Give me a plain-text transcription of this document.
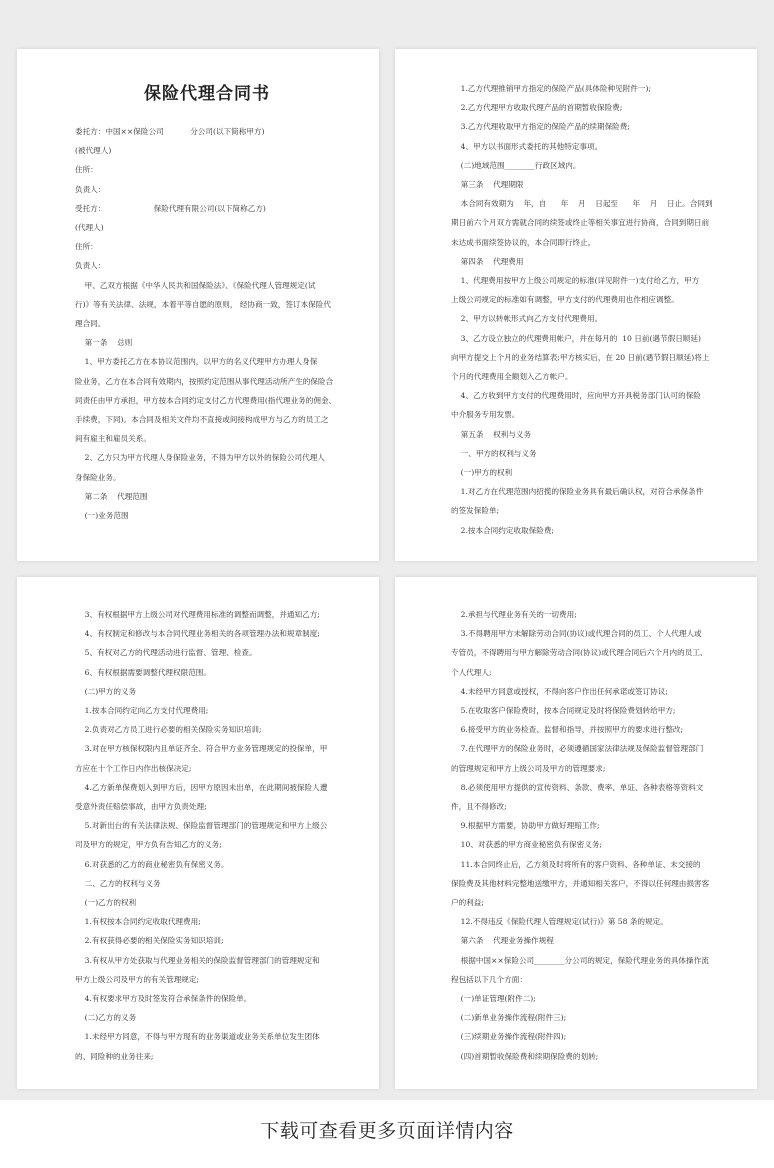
保险代理合同书
委托方：中国××保险公司           分公司(以下简称甲方)
(被代理人)
住所：
负责人：
受托方：                    保险代理有限公司(以下简称乙方)
(代理人)
住所：
负责人：
甲、乙双方根据《中华人民共和国保险法》、《保险代理人管理规定(试
行)》等有关法律、法规，本着平等自愿的原则， 经协商一致，签订本保险代
理合同。
第一条    总则
1、甲方委托乙方在本协议范围内，以甲方的名义代理甲方办理人身保
险业务，乙方在本合同有效期内，按照约定范围从事代理活动所产生的保险合
同责任由甲方承担，甲方按本合同约定支付乙方代理费用(指代理业务的佣金、
手续费，下同)。本合同及相关文件均不直接或间接构成甲方与乙方的员工之
间有雇主和雇员关系。
2、乙方只为甲方代理人身保险业务，不得为甲方以外的保险公司代理人
身保险业务。
第二条    代理范围
(一)业务范围
1.乙方代理推销甲方指定的保险产品(具体险种见附件一);
2.乙方代理甲方收取代理产品的首期暂收保险费;
3.乙方代理收取甲方指定的保险产品的续期保险费;
4、甲方以书面形式委托的其他特定事项。
(二)地域范围________行政区域内。
第三条    代理期限
本合同有效期为    年，自      年    月    日起至      年    月    日止。合同到
期日前六个月双方需就合同的续签或终止等相关事宜进行协商，合同到期日前
未达成书面续签协议的，本合同即行终止。
第四条    代理费用
1、代理费用按甲方上级公司规定的标准(详见附件一)支付给乙方，甲方
上级公司规定的标准如有调整，甲方支付的代理费用也作相应调整。
2、甲方以转帐形式向乙方支付代理费用。
3、乙方设立独立的代理费用帐户，并在每月的  10 日前(遇节假日顺延)
向甲方提交上个月的业务结算表;甲方核实后，在 20 日前(遇节假日顺延)将上
个月的代理费用全额划入乙方帐户。
4、乙方收到甲方支付的代理费用时，应向甲方开具税务部门认可的保险
中介服务专用发票。
第五条    权利与义务
一、甲方的权利与义务
(一)甲方的权利
1.对乙方在代理范围内招揽的保险业务具有最后确认权，对符合承保条件
的签发保险单;
2.按本合同约定收取保险费;
3、有权根据甲方上级公司对代理费用标准的调整而调整，并通知乙方;
4、有权制定和修改与本合同代理业务相关的各项管理办法和规章制度;
5、有权对乙方的代理活动进行监督、管理、检查。
6、有权根据需要调整代理权限范围。
(二)甲方的义务
1.按本合同约定向乙方支付代理费用;
2.负责对乙方员工进行必要的相关保险实务知识培训;
3.对在甲方核保权限内且单证齐全、符合甲方业务管理规定的投保单，甲
方应在十个工作日内作出核保决定;
4.乙方新单保费划入到甲方后，因甲方原因未出单，在此期间被保险人遭
受意外责任赔偿事故，由甲方负责处理;
5.对新出台的有关法律法规、保险监督管理部门的管理规定和甲方上级公
司及甲方的规定，甲方负有告知乙方的义务;
6.对获悉的乙方的商业秘密负有保密义务。
二、乙方的权利与义务
(一)乙方的权利
1.有权按本合同约定收取代理费用;
2.有权获得必要的相关保险实务知识培训;
3.有权从甲方处获取与代理业务相关的保险监督管理部门的管理规定和
甲方上级公司及甲方的有关管理规定;
4.有权要求甲方及时签发符合承保条件的保险单。
(二)乙方的义务
1.未经甲方同意，不得与甲方现有的业务渠道或业务关系单位发生团体
的、同险种的业务往来;
2.承担与代理业务有关的一切费用;
3.不得聘用甲方未解除劳动合同(协议)或代理合同的员工、个人代理人或
专管员，不得聘用与甲方解除劳动合同(协议)或代理合同后六个月内的员工、
个人代理人;
4.未经甲方同意或授权，不得向客户作出任何承诺或签订协议;
5.在收取客户保险费时，按本合同规定及时将保险费划转给甲方;
6.接受甲方的业务检查、监督和指导，并按照甲方的要求进行整改;
7.在代理甲方的保险业务时，必须遵循国家法律法规及保险监督管理部门
的管理规定和甲方上级公司及甲方的管理要求;
8.必须使用甲方提供的宣传资料、条款、费率、单证、各种表格等资料文
件，且不得修改;
9.根据甲方需要，协助甲方做好理赔工作;
10、对获悉的甲方商业秘密负有保密义务;
11.本合同终止后，乙方须及时将所有的客户资料、各种单证、未交接的
保险费及其他材料完整地送缴甲方，并通知相关客户，不得以任何理由损害客
户的利益;
12.不得违反《保险代理人管理规定(试行)》第 58 条的规定。
第六条    代理业务操作规程
根据中国××保险公司________分公司的规定，保险代理业务的具体操作流
程包括以下几个方面：
(一)单证管理(附件二);
(二)新单业务操作流程(附件三);
(三)续期业务操作流程(附件四);
(四)首期暂收保险费和续期保险费的划转;
下载可查看更多页面详情内容
